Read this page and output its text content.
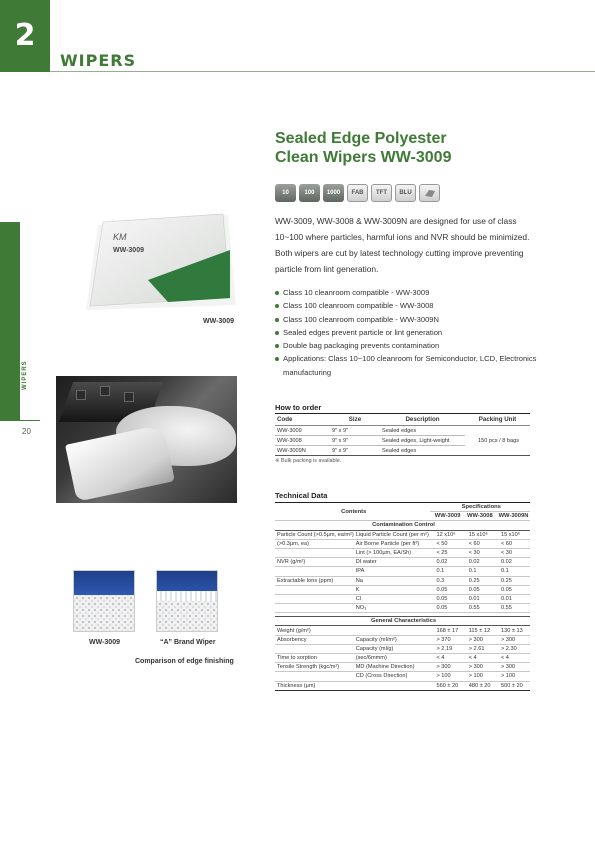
2
WIPERS
WIPERS
20
Sealed Edge Polyester
Clean Wipers WW-3009
10	100	1000	FAB	TFT	BLU
WW-3009, WW-3008 & WW-3009N are designed for use of class 10~100 where particles, harmful ions and NVR should be minimized. Both wipers are cut by latest technology cutting improve preventing particle from lint generation.
Class 10 cleanroom compatible - WW-3009
Class 100 cleanroom compatible - WW-3008
Class 100 cleanroom compatible - WW-3009N
Sealed edges prevent particle or lint generation
Double bag packaging prevents contamination
Applications: Class 10~100 cleanroom for Semiconductor, LCD, Electronics manufacturing
KM
WW-3009
WW-3009
WW-3009	“A” Brand Wiper
Comparison of edge finishing
How to order
Code	Size	Description	Packing Unit
WW-3009	9″ x 9″	Sealed edges	150 pcs / 8 bags
WW-3008	9″ x 9″	Sealed edges, Light-weight	
WW-3009N	9″ x 9″	Sealed edges	
※ Bulk packing is available.
Technical Data
Contents		Specifications		
		WW-3009	WW-3008	WW-3009N
Contamination Control				
Particle Count (>0.5μm, ea/m²)	Liquid Particle Count (per m²)	12 x10⁶	15 x10⁶	15 x10⁶
(>0.3μm, ea)	Air Borne Particle (per ft³)	< 50	< 60	< 60
	Lint (> 100μm, EA/Sh)	< 25	< 30	< 30
NVR (g/m²)	DI water	0.02	0.02	0.02
	IPA	0.1	0.1	0.1
Extractable Ions (ppm)	Na	0.3	0.25	0.25
	K	0.05	0.05	0.05
	Cl	0.05	0.01	0.01
	NO₃	0.05	0.55	0.55

General Characteristics				
Weight (g/m²)		168 ± 17	115 ± 12	130 ± 13
Absorbency	Capacity (ml/m²)	> 370	> 300	> 300
	Capacity (ml/g)	> 2.19	> 2.61	> 2.30
Time to sorption	(sec/6mmm)	< 4	< 4	< 4
Tensile Strength (kgc/m²)	MD (Machine Direction)	> 300	> 300	> 300
	CD (Cross Direction)	> 100	> 100	> 100
Thickness (μm)		560 ± 20	480 ± 20	500 ± 20
